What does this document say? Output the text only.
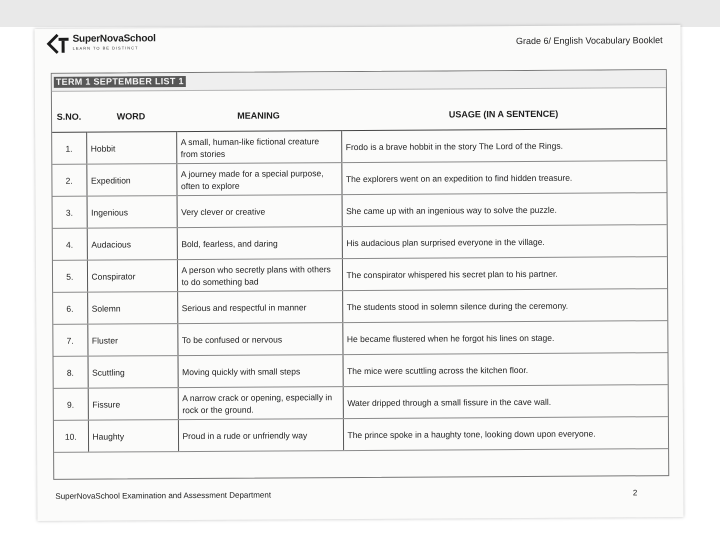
SuperNovaSchool
LEARN TO BE DISTINCT
Grade 6/ English Vocabulary Booklet
TERM 1 SEPTEMBER LIST 1
S.NO.	WORD	MEANING	USAGE (IN A SENTENCE)
1.	Hobbit	A small, human-like fictional creature from stories	Frodo is a brave hobbit in the story The Lord of the Rings.
2.	Expedition	A journey made for a special purpose, often to explore	The explorers went on an expedition to find hidden treasure.
3.	Ingenious	Very clever or creative	She came up with an ingenious way to solve the puzzle.
4.	Audacious	Bold, fearless, and daring	His audacious plan surprised everyone in the village.
5.	Conspirator	A person who secretly plans with others to do something bad	The conspirator whispered his secret plan to his partner.
6.	Solemn	Serious and respectful in manner	The students stood in solemn silence during the ceremony.
7.	Fluster	To be confused or nervous	He became flustered when he forgot his lines on stage.
8.	Scuttling	Moving quickly with small steps	The mice were scuttling across the kitchen floor.
9.	Fissure	A narrow crack or opening, especially in rock or the ground.	Water dripped through a small fissure in the cave wall.
10.	Haughty	Proud in a rude or unfriendly way	The prince spoke in a haughty tone, looking down upon everyone.
SuperNovaSchool Examination and Assessment Department	2
